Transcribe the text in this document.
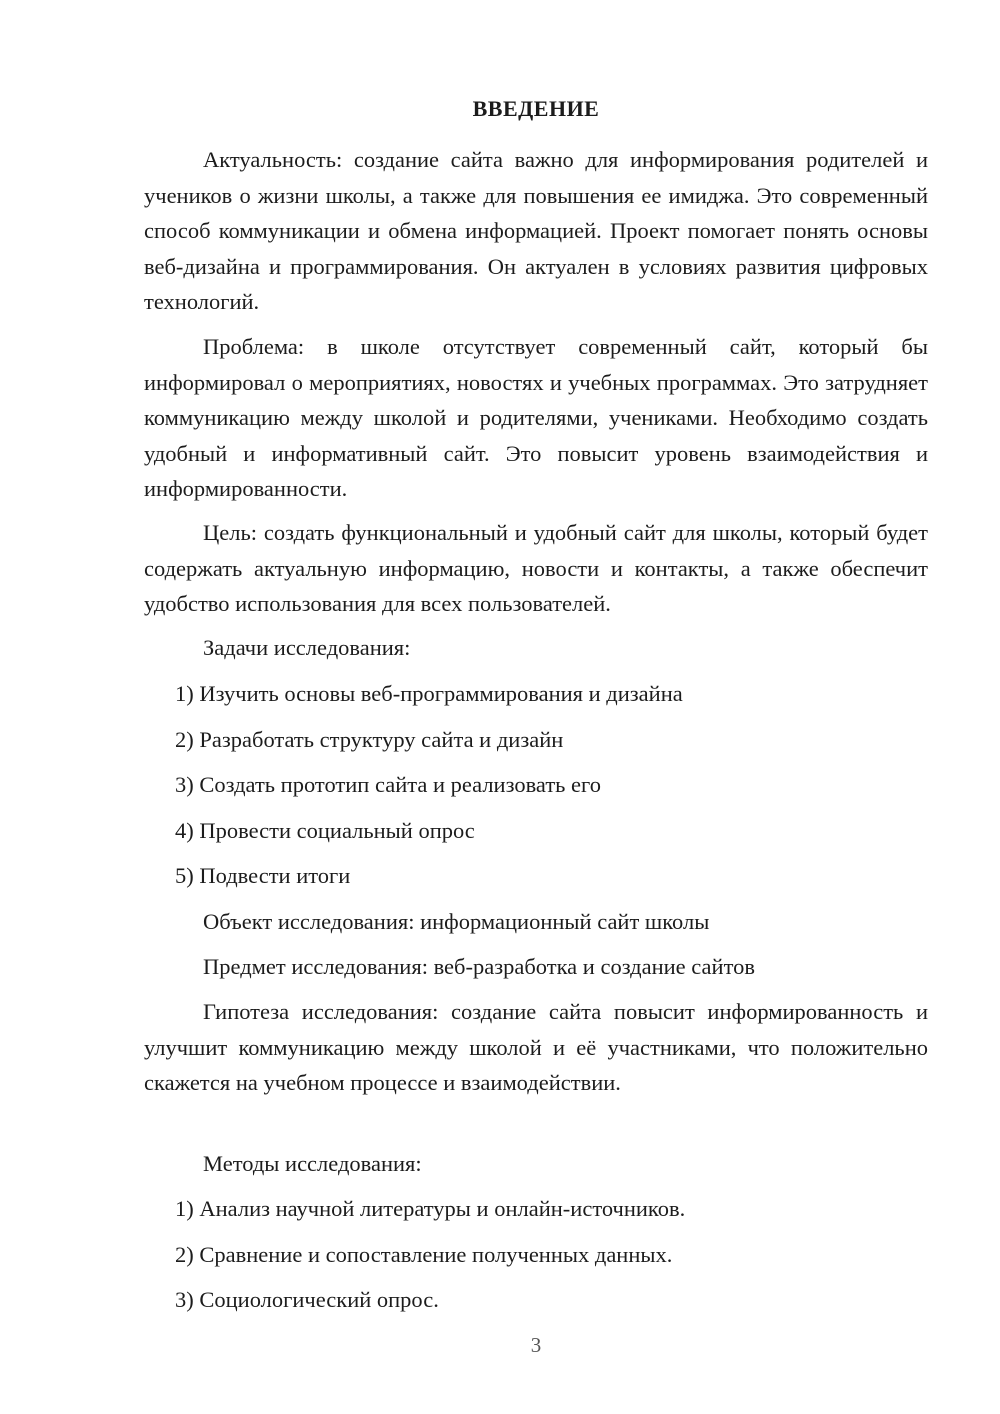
ВВЕДЕНИЕ

Актуальность: создание сайта важно для информирования родителей и учеников о жизни школы, а также для повышения ее имиджа. Это современный способ коммуникации и обмена информацией. Проект помогает понять основы веб-дизайна и программирования. Он актуален в условиях развития цифровых технологий.

Проблема: в школе отсутствует современный сайт, который бы информировал о мероприятиях, новостях и учебных программах. Это затрудняет коммуникацию между школой и родителями, учениками. Необходимо создать удобный и информативный сайт. Это повысит уровень взаимодействия и информированности.

Цель: создать функциональный и удобный сайт для школы, который будет содержать актуальную информацию, новости и контакты, а также обеспечит удобство использования для всех пользователей.

Задачи исследования:

1) Изучить основы веб-программирования и дизайна

2) Разработать структуру сайта и дизайн

3) Создать прототип сайта и реализовать его

4) Провести социальный опрос

5) Подвести итоги

Объект исследования: информационный сайт школы

Предмет исследования: веб-разработка и создание сайтов

Гипотеза исследования: создание сайта повысит информированность и улучшит коммуникацию между школой и её участниками, что положительно скажется на учебном процессе и взаимодействии.

Методы исследования:

1) Анализ научной литературы и онлайн-источников.

2) Сравнение и сопоставление полученных данных.

3) Социологический опрос.

3
